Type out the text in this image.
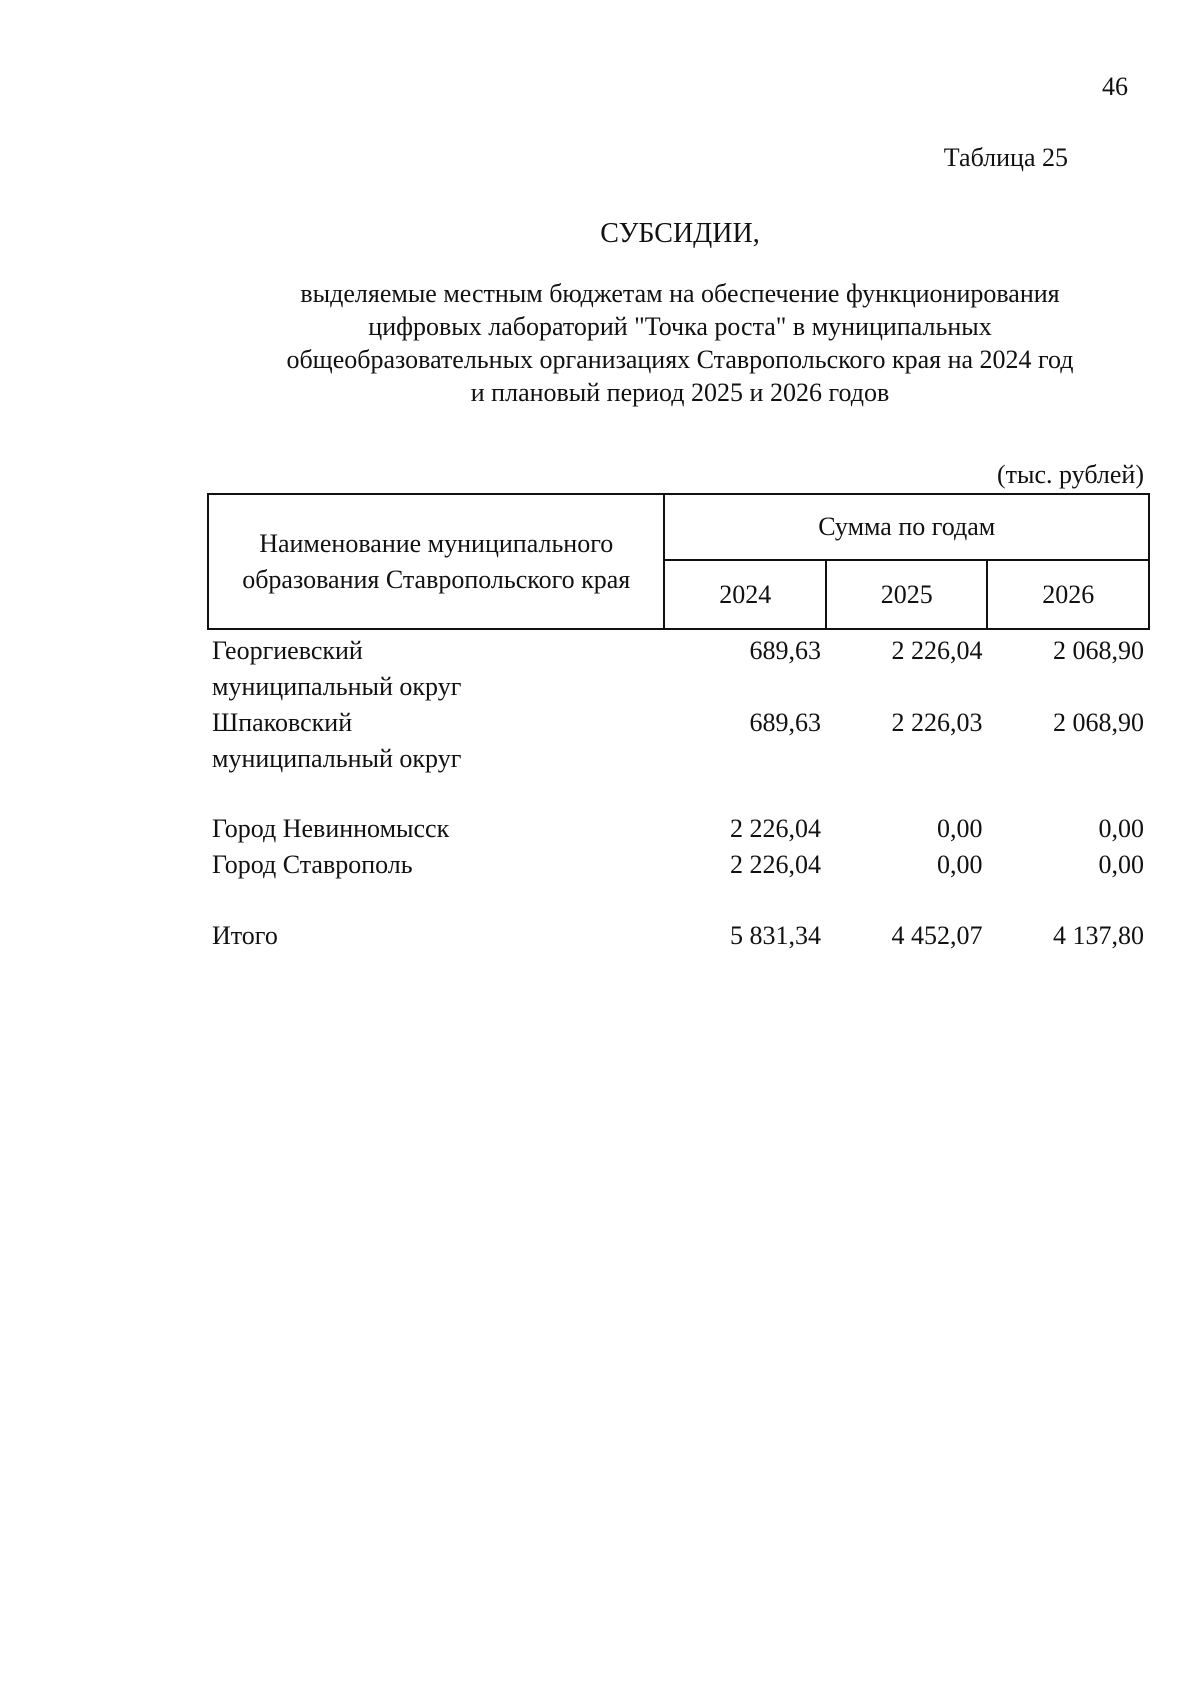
46
Таблица 25
СУБСИДИИ,
выделяемые местным бюджетам на обеспечение функционирования
цифровых лабораторий "Точка роста" в муниципальных
общеобразовательных организациях Ставропольского края на 2024 год
и плановый период 2025 и 2026 годов
(тыс. рублей)
Наименование муниципального
образования Ставропольского края	Сумма по годам		
	2024	2025	2026

Георгиевский
муниципальный округ	689,63	2 226,04	2 068,90

Шпаковский
муниципальный округ	689,63	2 226,03	2 068,90

Город Невинномысск	2 226,04	0,00	0,00
Город Ставрополь	2 226,04	0,00	0,00

Итого	5 831,34	4 452,07	4 137,80
